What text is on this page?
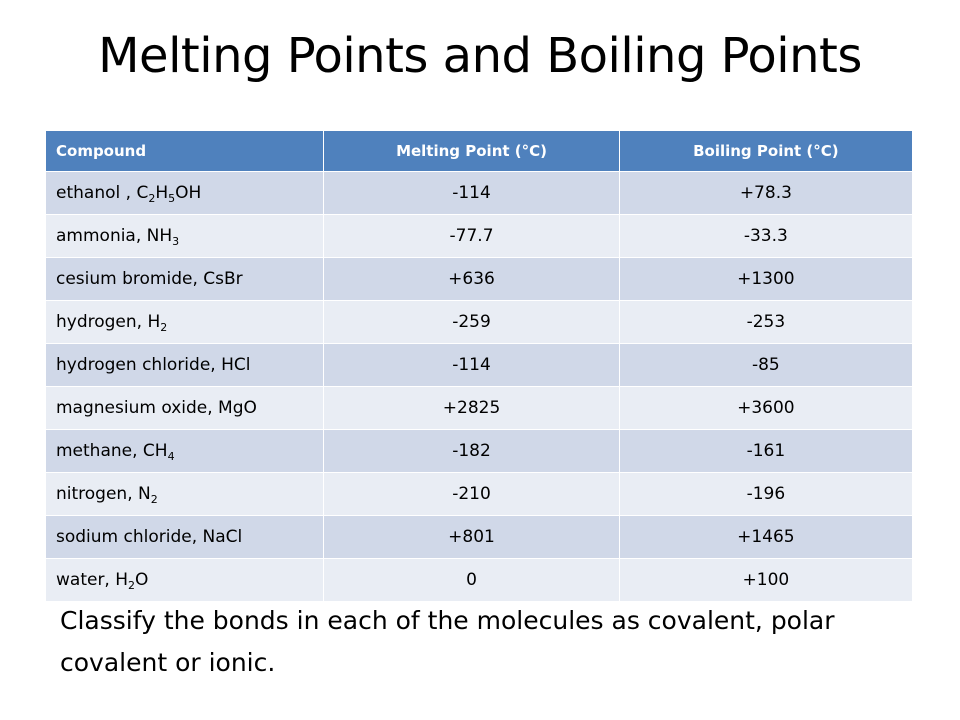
Melting Points and Boiling Points
Compound	Melting Point (°C)	Boiling Point (°C)
ethanol , $C_2H_5OH$	-114	+78.3
ammonia, $NH_3$	-77.7	-33.3
cesium bromide, CsBr	+636	+1300
hydrogen, $H_2$	-259	-253
hydrogen chloride, HCl	-114	-85
magnesium oxide, MgO	+2825	+3600
methane, $CH_4$	-182	-161
nitrogen, $N_2$	-210	-196
sodium chloride, NaCl	+801	+1465
water, $H_2O$	0	+100

Classify the bonds in each of the molecules as covalent, polar covalent or ionic.
